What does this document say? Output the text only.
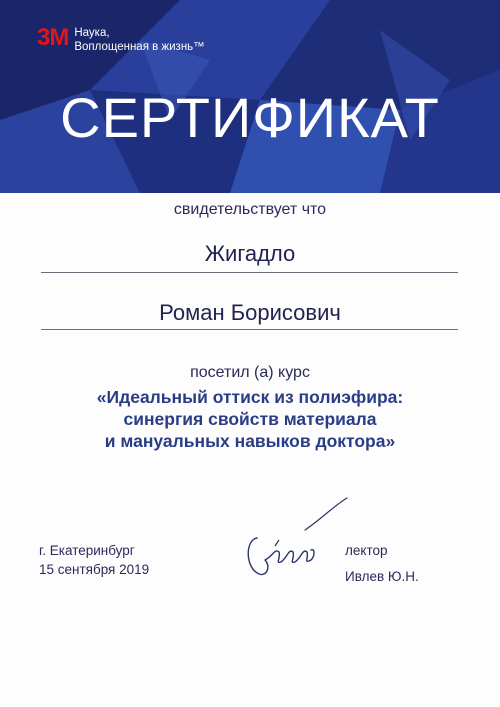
3M Наука,
Воплощенная в жизнь™
СЕРТИФИКАТ
свидетельствует что
Жигадло
Роман Борисович
посетил (а) курс
«Идеальный оттиск из полиэфира:
синергия свойств материала
и мануальных навыков доктора»
г. Екатеринбург
15 сентября 2019
лектор
Ивлев Ю.Н.
